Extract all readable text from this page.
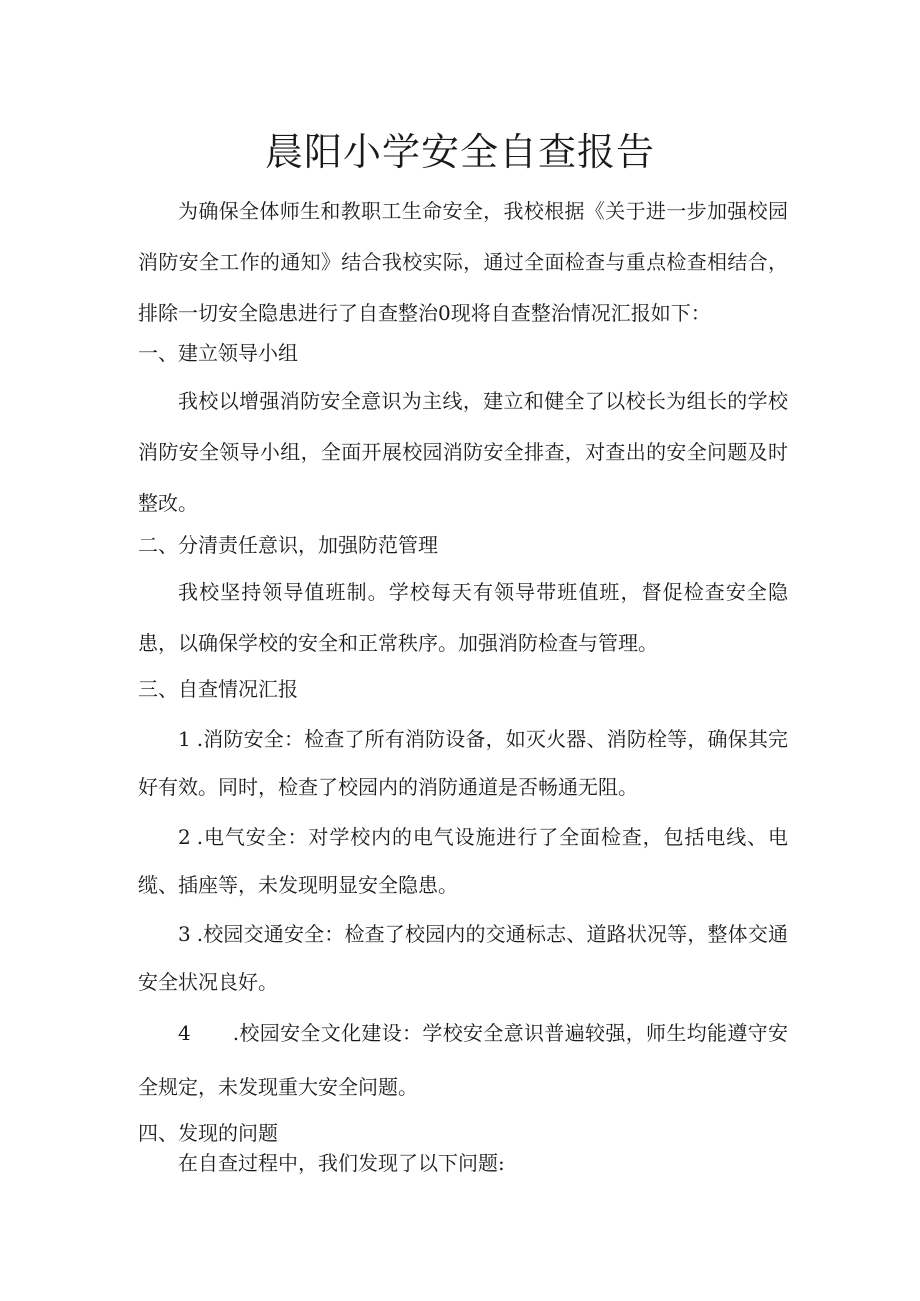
晨阳小学安全自查报告

为确保全体师生和教职工生命安全，我校根据《关于进一步加强校园消防安全工作的通知》结合我校实际，通过全面检查与重点检查相结合，排除一切安全隐患进行了自查整治0现将自查整治情况汇报如下：

一、建立领导小组

我校以增强消防安全意识为主线，建立和健全了以校长为组长的学校消防安全领导小组，全面开展校园消防安全排查，对查出的安全问题及时整改。

二、分清责任意识，加强防范管理

我校坚持领导值班制。学校每天有领导带班值班，督促检查安全隐患，以确保学校的安全和正常秩序。加强消防检查与管理。

三、自查情况汇报

1 .消防安全：检查了所有消防设备，如灭火器、消防栓等，确保其完好有效。同时，检查了校园内的消防通道是否畅通无阻。

2 .电气安全：对学校内的电气设施进行了全面检查，包括电线、电缆、插座等，未发现明显安全隐患。

3 .校园交通安全：检查了校园内的交通标志、道路状况等，整体交通安全状况良好。

4 .校园安全文化建设：学校安全意识普遍较强，师生均能遵守安全规定，未发现重大安全问题。

四、发现的问题

在自查过程中，我们发现了以下问题:
